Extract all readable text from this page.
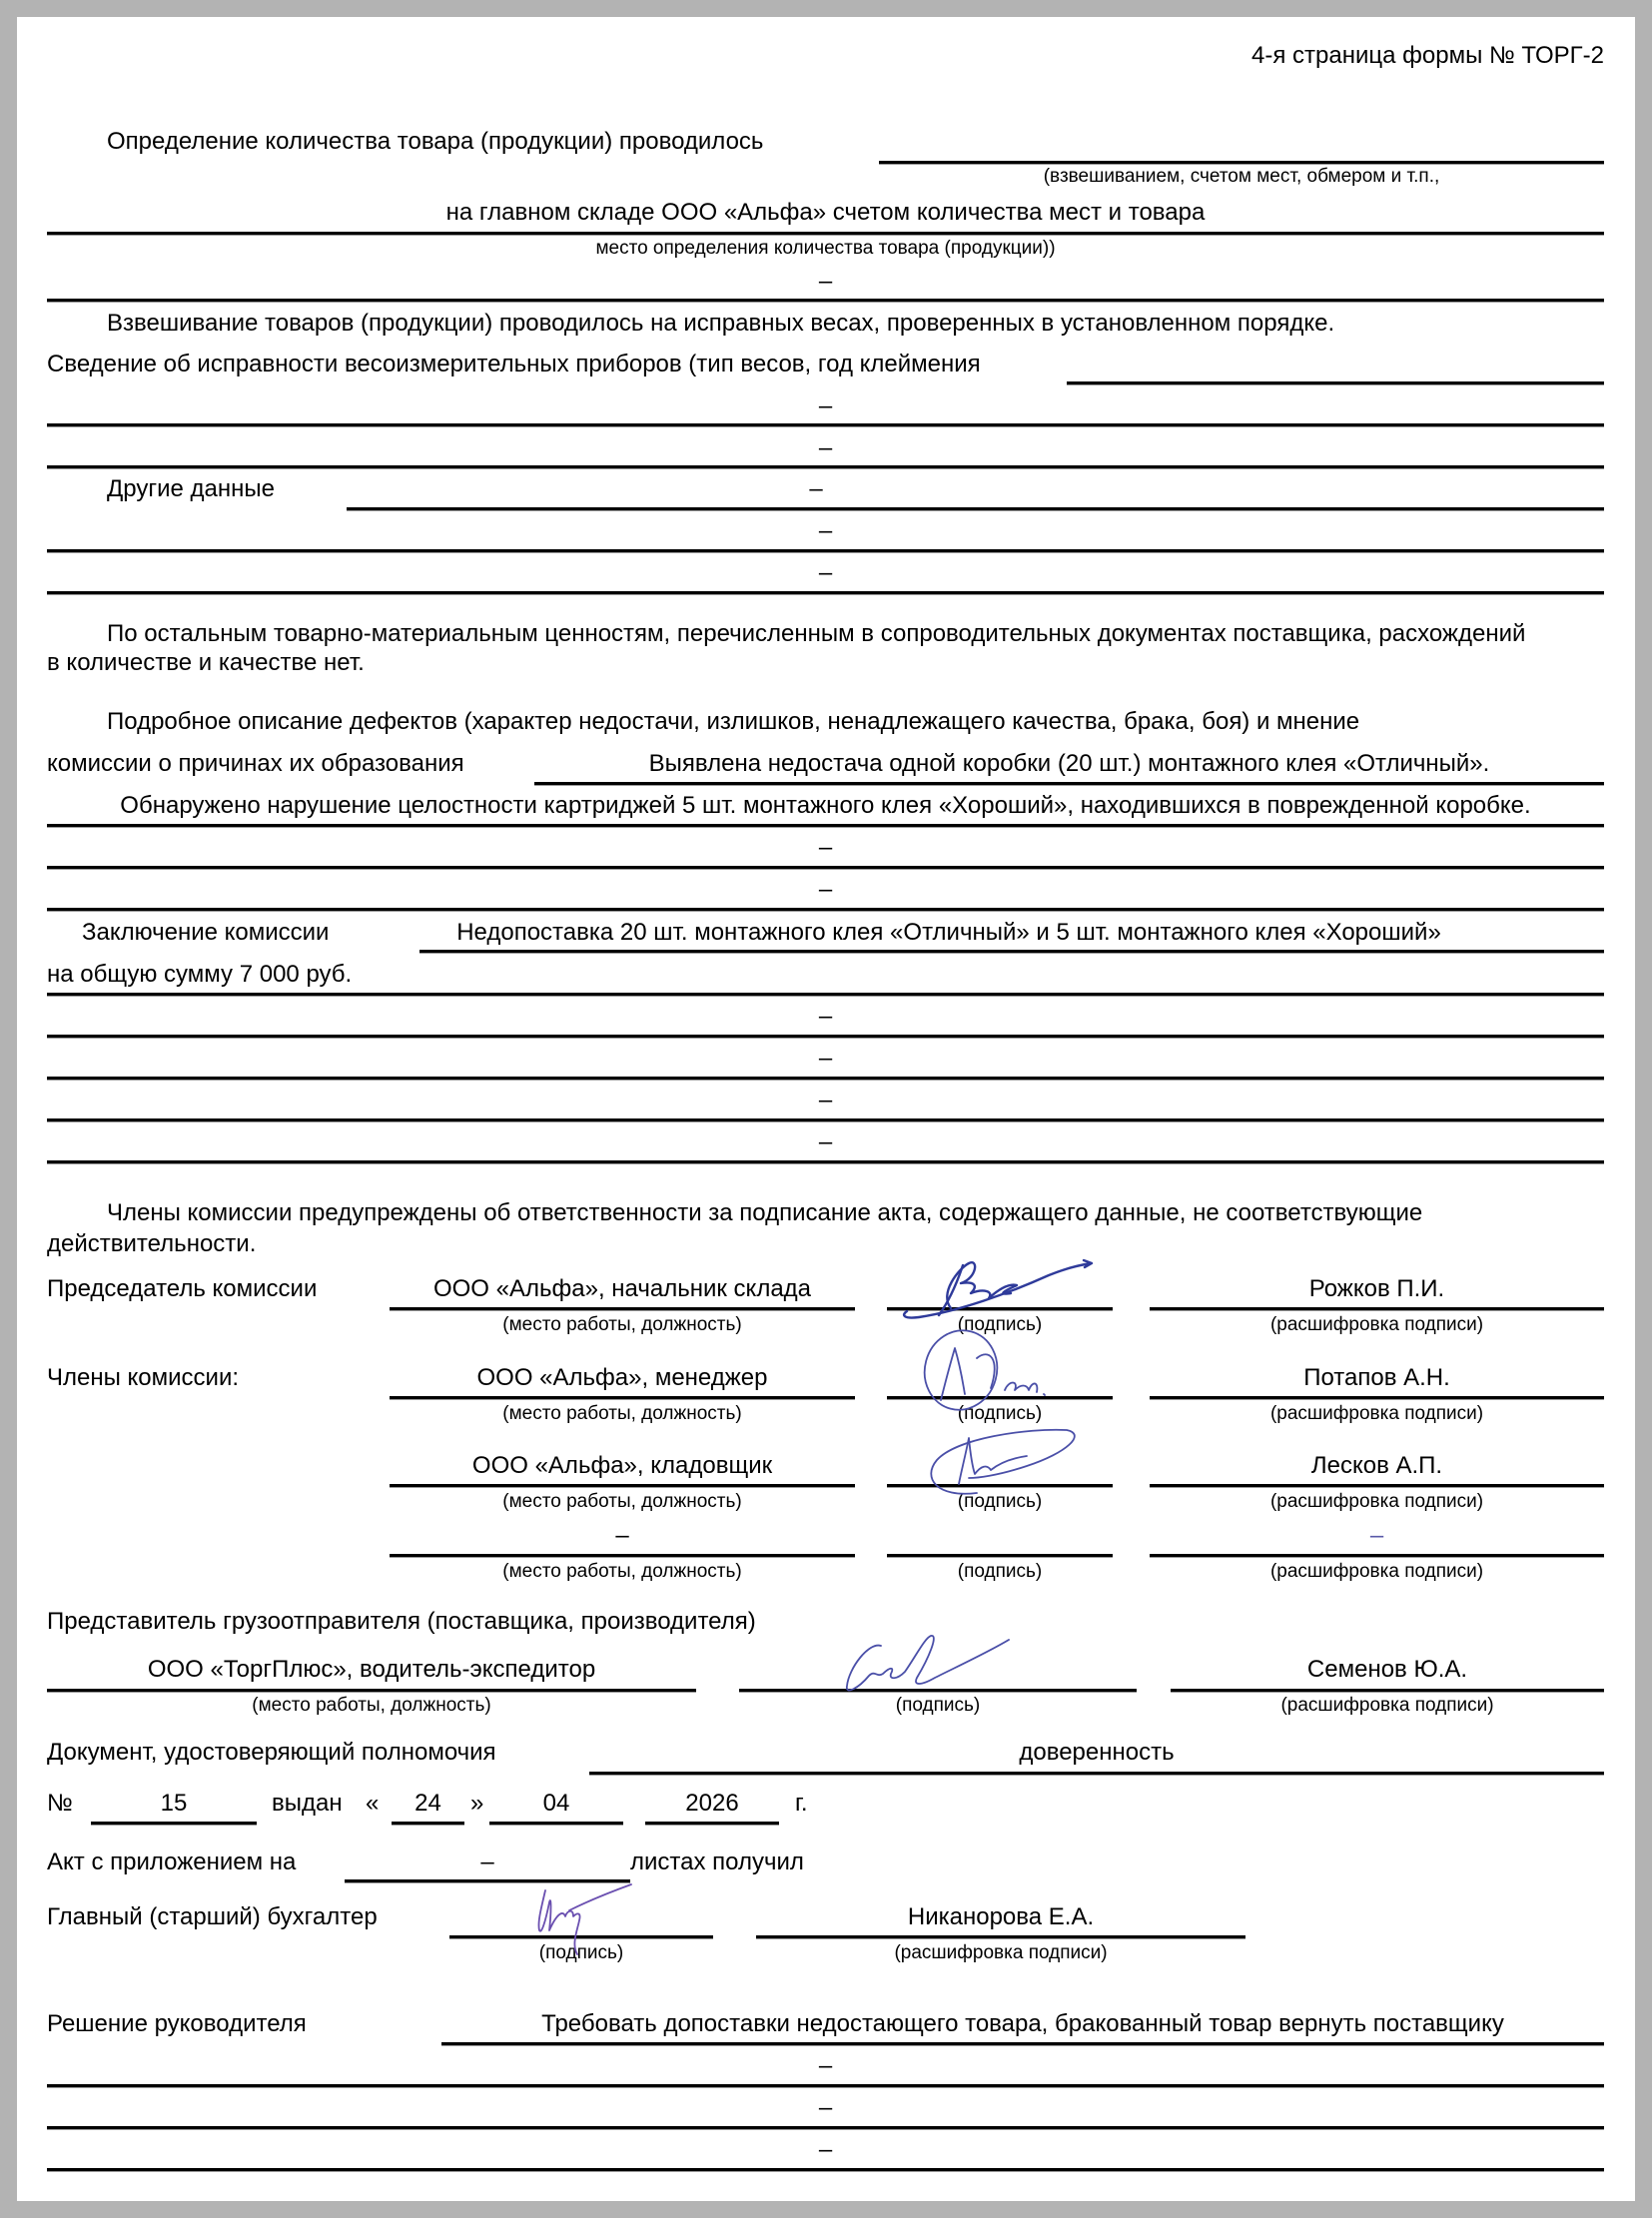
4-я страница формы № ТОРГ-2
Определение количества товара (продукции) проводилось
(взвешиванием, счетом мест, обмером и т.п.,
на главном складе ООО «Альфа» счетом количества мест и товара
место определения количества товара (продукции))
–
Взвешивание товаров (продукции) проводилось на исправных весах, проверенных в установленном порядке.
Сведение об исправности весоизмерительных приборов (тип весов, год клеймения
–
–
Другие данные	–
–
–
По остальным товарно-материальным ценностям, перечисленным в сопроводительных документах поставщика, расхождений
в количестве и качестве нет.
Подробное описание дефектов (характер недостачи, излишков, ненадлежащего качества, брака, боя) и мнение
комиссии о причинах их образования	Выявлена недостача одной коробки (20 шт.) монтажного клея «Отличный».
Обнаружено нарушение целостности картриджей 5 шт. монтажного клея «Хороший», находившихся в поврежденной коробке.
–
–
Заключение комиссии	Недопоставка 20 шт. монтажного клея «Отличный» и 5 шт. монтажного клея «Хороший»
на общую сумму 7 000 руб.
–
–
–
–
Члены комиссии предупреждены об ответственности за подписание акта, содержащего данные, не соответствующие
действительности.
Председатель комиссии	ООО «Альфа», начальник склада	Рожков П.И.
(место работы, должность)	(подпись)	(расшифровка подписи)
Члены комиссии:	ООО «Альфа», менеджер	Потапов А.Н.
(место работы, должность)	(подпись)	(расшифровка подписи)
ООО «Альфа», кладовщик	Лесков А.П.
(место работы, должность)	(подпись)	(расшифровка подписи)
–	–
(место работы, должность)	(подпись)	(расшифровка подписи)
Представитель грузоотправителя (поставщика, производителя)
ООО «ТоргПлюс», водитель-экспедитор	Семенов Ю.А.
(место работы, должность)	(подпись)	(расшифровка подписи)
Документ, удостоверяющий полномочия	доверенность
№	15	выдан «	24	»	04	2026	г.
Акт с приложением на	–	листах получил
Главный (старший) бухгалтер	Никанорова Е.А.
(подпись)	(расшифровка подписи)
Решение руководителя	Требовать допоставки недостающего товара, бракованный товар вернуть поставщику
–
–
–
